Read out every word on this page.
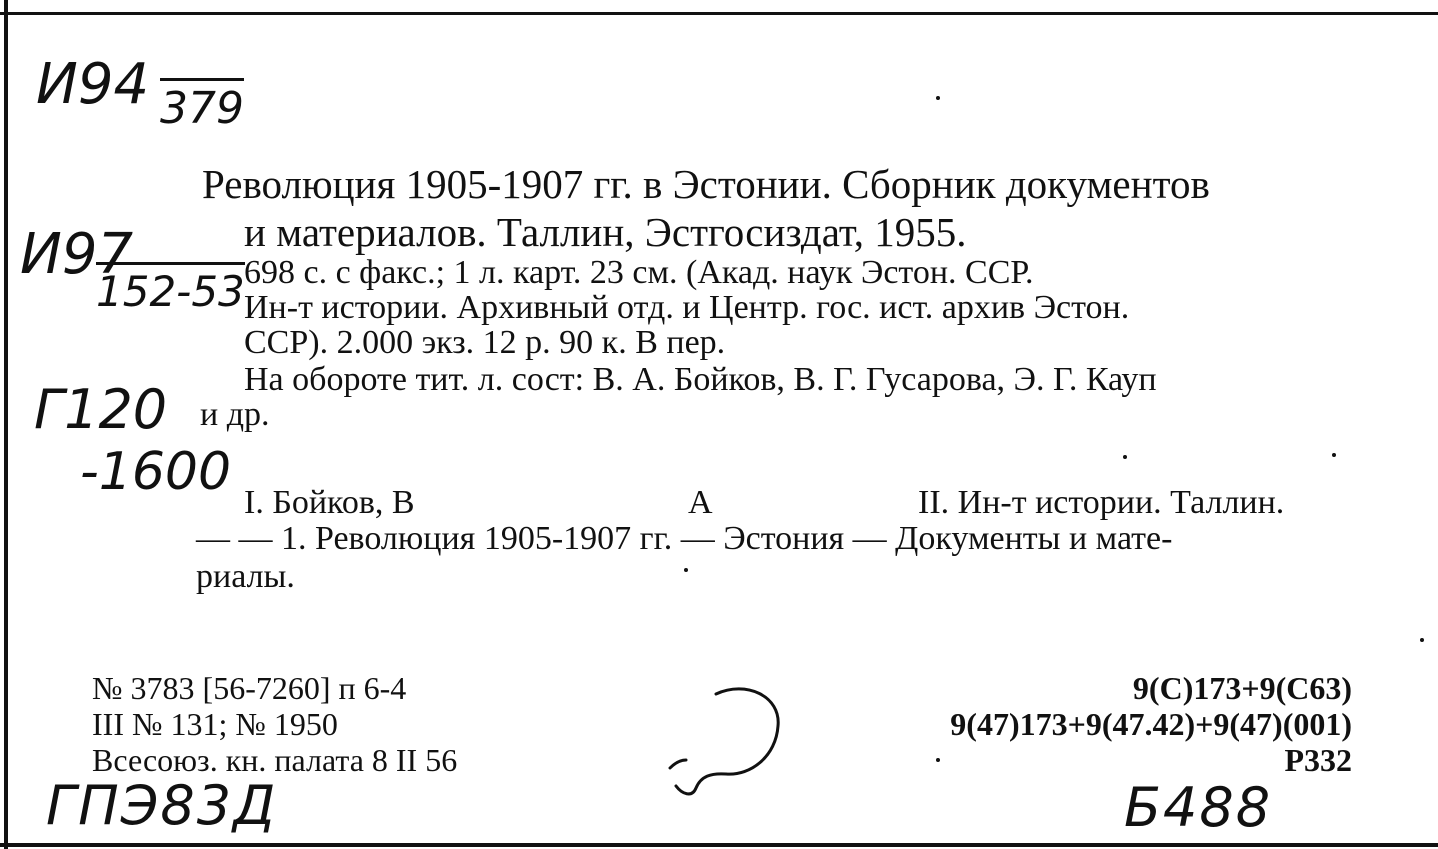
И94 379
И97
152-53
Г120
-1600
ГПЭ83Д	Б488
Революция 1905-1907 гг. в Эстонии. Сборник документов
и материалов. Таллин, Эстгосиздат, 1955.
698 с. с факс.; 1 л. карт. 23 см. (Акад. наук Эстон. ССР.
Ин-т истории. Архивный отд. и Центр. гос. ист. архив Эстон.
ССР). 2.000 экз. 12 р. 90 к. В пер.
На обороте тит. л. сост: В. А. Бойков, В. Г. Гусарова, Э. Г. Кауп
и др.
I. Бойков, В	А	II. Ин-т истории. Таллин.
— — 1. Революция 1905-1907 гг. — Эстония — Документы и мате-
риалы.
№ 3783 [56-7260] п 6-4
III № 131; № 1950
Всесоюз. кн. палата 8 II 56
9(С)173+9(С63)
9(47)173+9(47.42)+9(47)(001)
Р332
